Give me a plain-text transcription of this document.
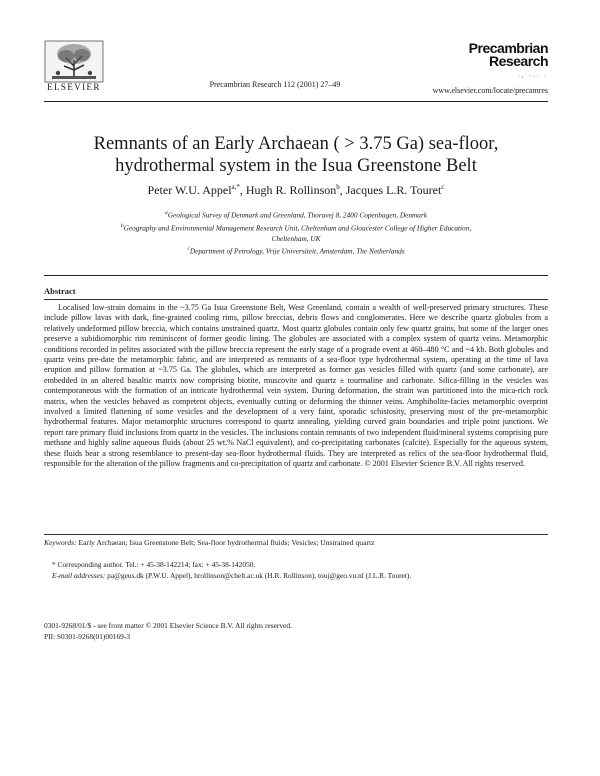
ELSEVIER	Precambrian Research 112 (2001) 27–49
Precambrian
Research
·, ·.· ·
www.elsevier.com/locate/precamres
Remnants of an Early Archaean ( > 3.75 Ga) sea-floor,
hydrothermal system in the Isua Greenstone Belt
Peter W.U. Appel$^{a,*}$, Hugh R. Rollinson$^b$, Jacques L.R. Touret$^c$

$^a$Geological Survey of Denmark and Greenland, Thoravej 8, 2400 Copenhagen, Denmark

$^b$Geography and Environmental Management Research Unit, Cheltenham and Gloucester College of Higher Education,

Cheltenham, UK

$^c$Department of Petrology, Vrije Universiteit, Amsterdam, The Netherlands

Abstract
Localised low-strain domains in the ~3.75 Ga Isua Greenstone Belt, West Greenland, contain a wealth of well-preserved primary structures. These include pillow lavas with dark, fine-grained cooling rims, pillow breccias, debris flows and conglomerates. Here we describe quartz globules from a relatively undeformed pillow breccia, which contains unstrained quartz. Most quartz globules contain only few quartz grains, but some of the larger ones preserve a subidiomorphic rim reminiscent of former geodic lining. The globules are associated with a complex system of quartz veins. Metamorphic conditions recorded in pelites associated with the pillow breccia represent the early stage of a prograde event at 460–480 °C and ~4 kb. Both globules and quartz veins pre-date the metamorphic fabric, and are interpreted as remnants of a sea-floor type hydrothermal system, operating at the time of lava eruption and pillow formation at ~3.75 Ga. The globules, which are interpreted as former gas vesicles filled with quartz (and some carbonate), are embedded in an altered basaltic matrix now comprising biotite, muscovite and quartz ± tourmaline and carbonate. Silica-filling in the vesicles was contemporaneous with the formation of an intricate hydrothermal vein system. During deformation, the strain was partitioned into the mica-rich rock matrix, when the vesicles behaved as competent objects, eventually cutting or deforming the thinner veins. Amphibolite-facies metamorphic overprint involved a limited flattening of some vesicles and the development of a very faint, sporadic schistosity, preserving most of the pre-metamorphic hydrothermal features. Major metamorphic structures correspond to quartz annealing, yielding curved grain boundaries and triple point junctions. We report rare primary fluid inclusions from quartz in the vesicles. The inclusions contain remnants of two independent fluid/mineral systems comprising pure methane and highly saline aqueous fluids (about 25 wt.% NaCl equivalent), and co-precipitating carbonates (calcite). Especially for the aqueous system, these fluids bear a strong resemblance to present-day sea-floor hydrothermal fluids. They are interpreted as relics of the sea-floor hydrothermal fluid, responsible for the alteration of the pillow fragments and co-precipitation of quartz and carbonate. © 2001 Elsevier Science B.V. All rights reserved.
Keywords: Early Archaean; Isua Greenstone Belt; Sea-floor hydrothermal fluids; Vesicles; Unstrained quartz

* Corresponding author. Tel.: + 45-38-142214; fax: + 45-38-142050.

E-mail addresses: pa@geus.dk (P.W.U. Appel), hrollinson@chelt.ac.uk (H.R. Rollinson), touj@geo.vu.nl (J.L.R. Touret).

0301-9268/01/$ - see front matter © 2001 Elsevier Science B.V. All rights reserved.

PII: S0301-9268(01)00169-3
